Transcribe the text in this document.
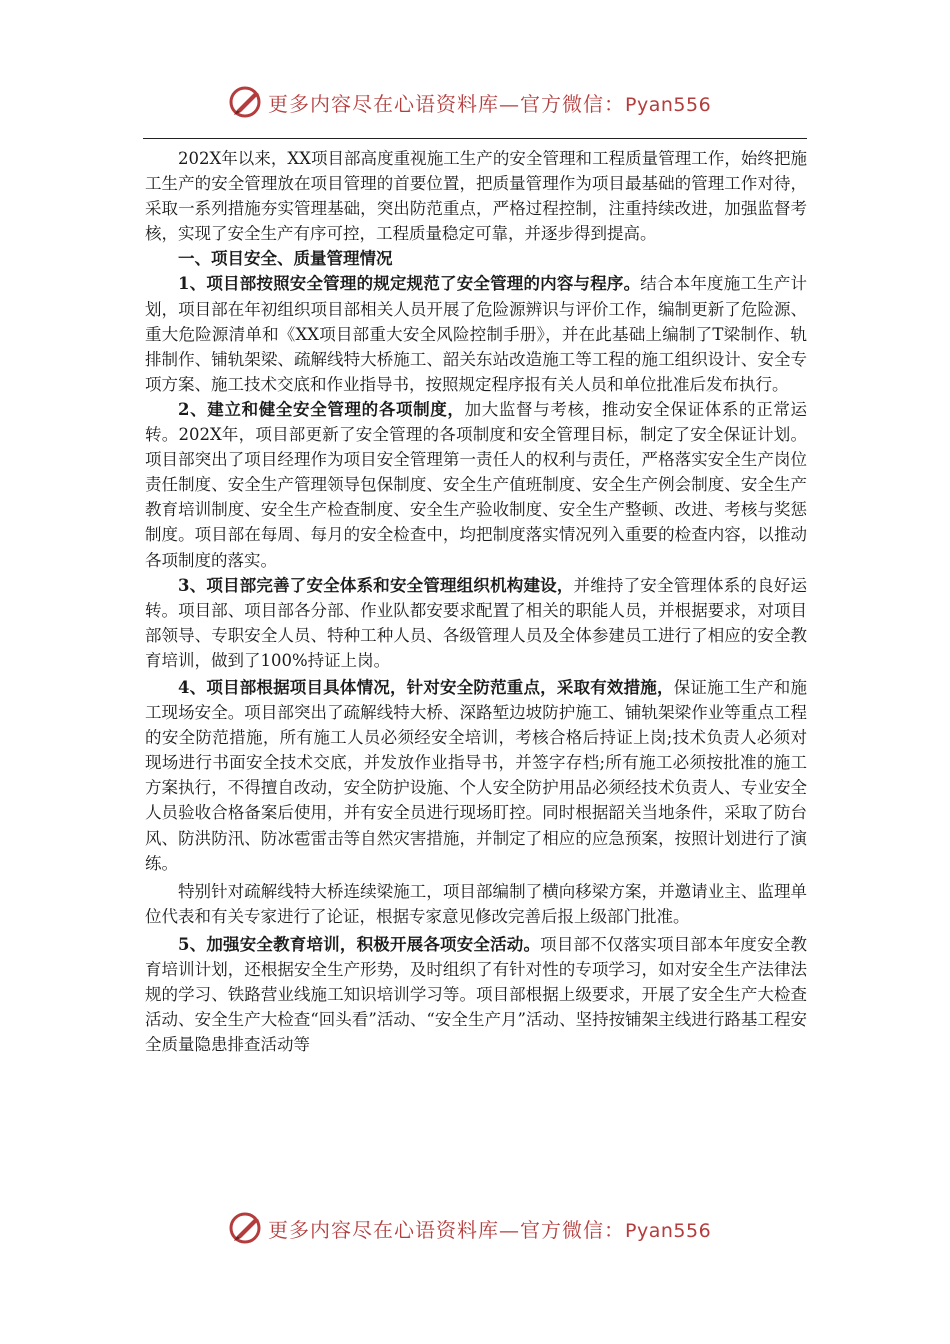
更多内容尽在心语资料库—官方微信：Pyan556

202X年以来，XX项目部高度重视施工生产的安全管理和工程质量管理工作，始终把施工生产的安全管理放在项目管理的首要位置，把质量管理作为项目最基础的管理工作对待，采取一系列措施夯实管理基础，突出防范重点，严格过程控制，注重持续改进，加强监督考核，实现了安全生产有序可控，工程质量稳定可靠，并逐步得到提高。

一、项目安全、质量管理情况

1、项目部按照安全管理的规定规范了安全管理的内容与程序。结合本年度施工生产计划，项目部在年初组织项目部相关人员开展了危险源辨识与评价工作，编制更新了危险源、重大危险源清单和《XX项目部重大安全风险控制手册》，并在此基础上编制了T梁制作、轨排制作、铺轨架梁、疏解线特大桥施工、韶关东站改造施工等工程的施工组织设计、安全专项方案、施工技术交底和作业指导书，按照规定程序报有关人员和单位批准后发布执行。

2、建立和健全安全管理的各项制度，加大监督与考核，推动安全保证体系的正常运转。202X年，项目部更新了安全管理的各项制度和安全管理目标，制定了安全保证计划。项目部突出了项目经理作为项目安全管理第一责任人的权利与责任，严格落实安全生产岗位责任制度、安全生产管理领导包保制度、安全生产值班制度、安全生产例会制度、安全生产教育培训制度、安全生产检查制度、安全生产验收制度、安全生产整顿、改进、考核与奖惩制度。项目部在每周、每月的安全检查中，均把制度落实情况列入重要的检查内容，以推动各项制度的落实。

3、项目部完善了安全体系和安全管理组织机构建设，并维持了安全管理体系的良好运转。项目部、项目部各分部、作业队都安要求配置了相关的职能人员，并根据要求，对项目部领导、专职安全人员、特种工种人员、各级管理人员及全体参建员工进行了相应的安全教育培训，做到了100%持证上岗。

4、项目部根据项目具体情况，针对安全防范重点，采取有效措施，保证施工生产和施工现场安全。项目部突出了疏解线特大桥、深路堑边坡防护施工、铺轨架梁作业等重点工程的安全防范措施，所有施工人员必须经安全培训，考核合格后持证上岗;技术负责人必须对现场进行书面安全技术交底，并发放作业指导书，并签字存档;所有施工必须按批准的施工方案执行，不得擅自改动，安全防护设施、个人安全防护用品必须经技术负责人、专业安全人员验收合格备案后使用，并有安全员进行现场盯控。同时根据韶关当地条件，采取了防台风、防洪防汛、防冰雹雷击等自然灾害措施，并制定了相应的应急预案，按照计划进行了演练。

特别针对疏解线特大桥连续梁施工，项目部编制了横向移梁方案，并邀请业主、监理单位代表和有关专家进行了论证，根据专家意见修改完善后报上级部门批准。

5、加强安全教育培训，积极开展各项安全活动。项目部不仅落实项目部本年度安全教育培训计划，还根据安全生产形势，及时组织了有针对性的专项学习，如对安全生产法律法规的学习、铁路营业线施工知识培训学习等。项目部根据上级要求，开展了安全生产大检查活动、安全生产大检查“回头看”活动、“安全生产月”活动、坚持按铺架主线进行路基工程安全质量隐患排查活动等

更多内容尽在心语资料库—官方微信：Pyan556
